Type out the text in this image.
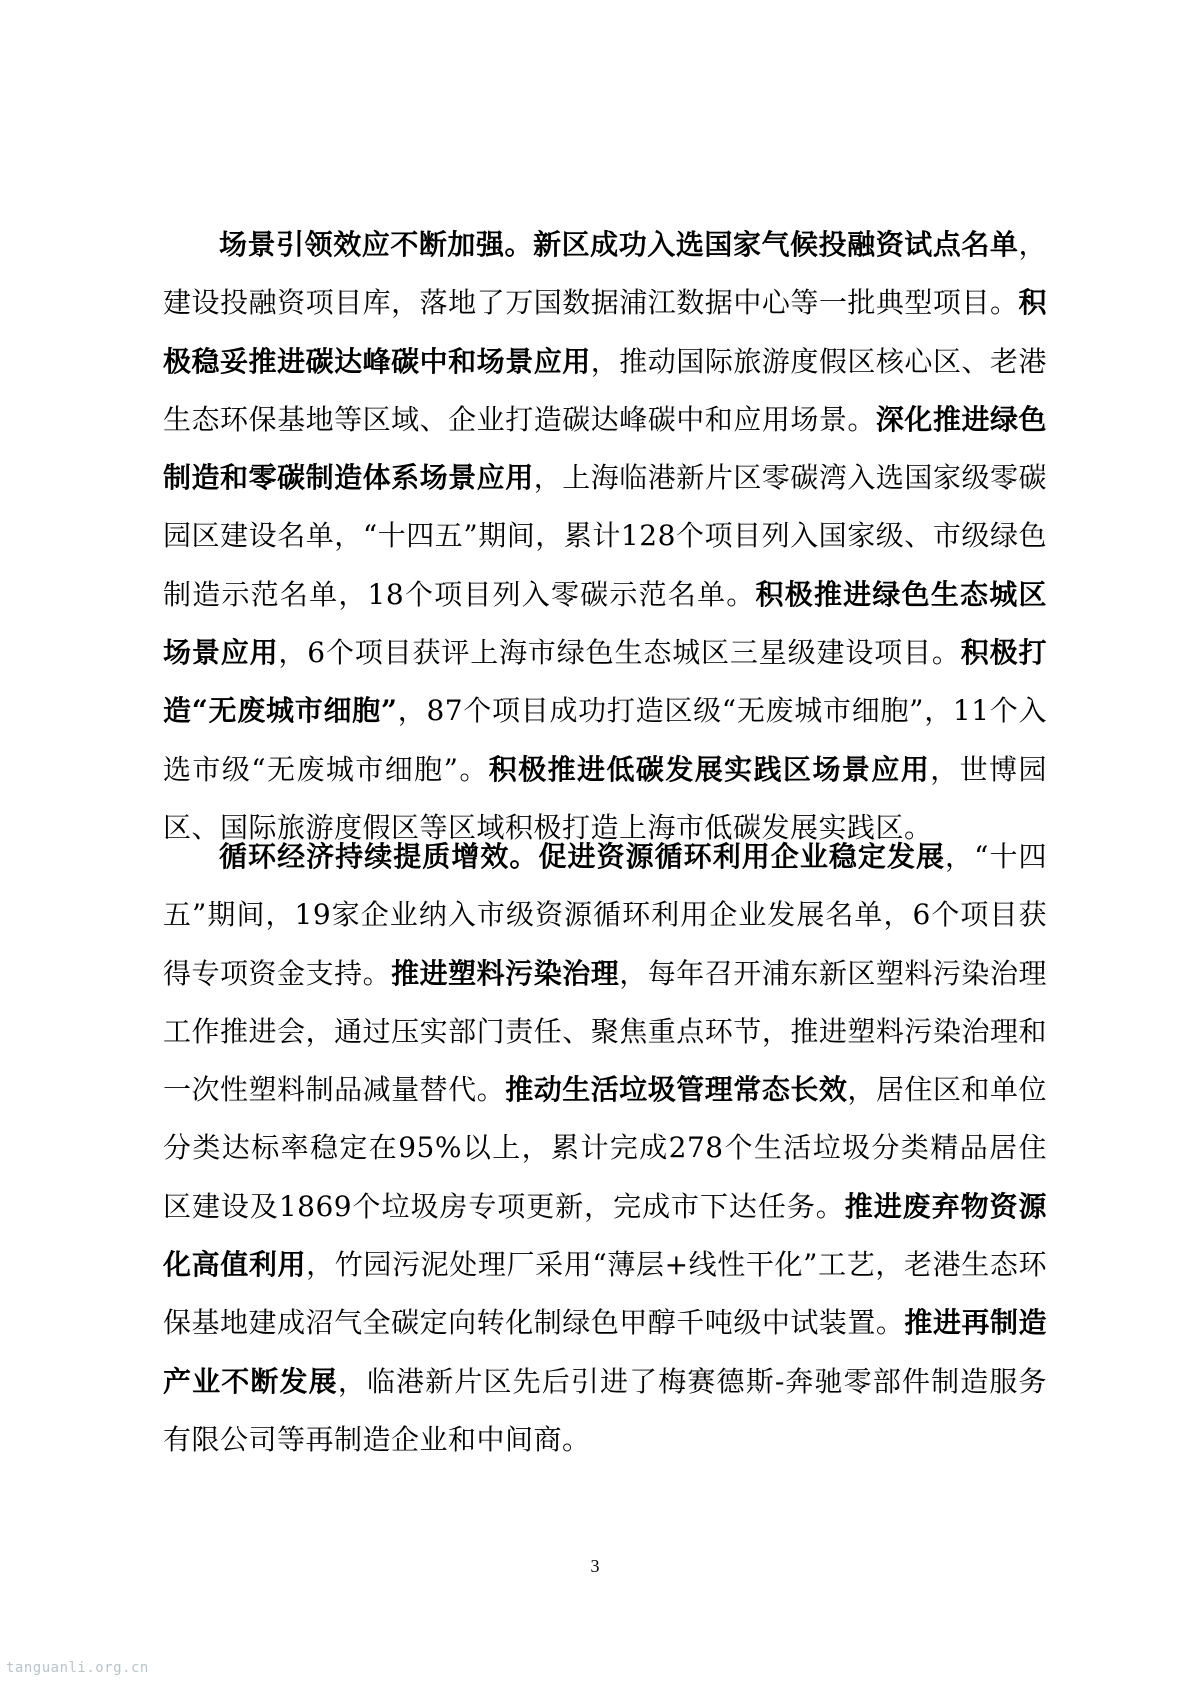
场景引领效应不断加强。新区成功入选国家气候投融资试点名单，建设投融资项目库，落地了万国数据浦江数据中心等一批典型项目。积极稳妥推进碳达峰碳中和场景应用，推动国际旅游度假区核心区、老港生态环保基地等区域、企业打造碳达峰碳中和应用场景。深化推进绿色制造和零碳制造体系场景应用，上海临港新片区零碳湾入选国家级零碳园区建设名单，“十四五”期间，累计128个项目列入国家级、市级绿色制造示范名单，18个项目列入零碳示范名单。积极推进绿色生态城区场景应用，6个项目获评上海市绿色生态城区三星级建设项目。积极打造“无废城市细胞”，87个项目成功打造区级“无废城市细胞”，11个入选市级“无废城市细胞”。积极推进低碳发展实践区场景应用，世博园区、国际旅游度假区等区域积极打造上海市低碳发展实践区。

循环经济持续提质增效。促进资源循环利用企业稳定发展，“十四五”期间，19家企业纳入市级资源循环利用企业发展名单，6个项目获得专项资金支持。推进塑料污染治理，每年召开浦东新区塑料污染治理工作推进会，通过压实部门责任、聚焦重点环节，推进塑料污染治理和一次性塑料制品减量替代。推动生活垃圾管理常态长效，居住区和单位分类达标率稳定在95%以上，累计完成278个生活垃圾分类精品居住区建设及1869个垃圾房专项更新，完成市下达任务。推进废弃物资源化高值利用，竹园污泥处理厂采用“薄层+线性干化”工艺，老港生态环保基地建成沼气全碳定向转化制绿色甲醇千吨级中试装置。推进再制造产业不断发展，临港新片区先后引进了梅赛德斯-奔驰零部件制造服务有限公司等再制造企业和中间商。

3
tanguanli.org.cn
